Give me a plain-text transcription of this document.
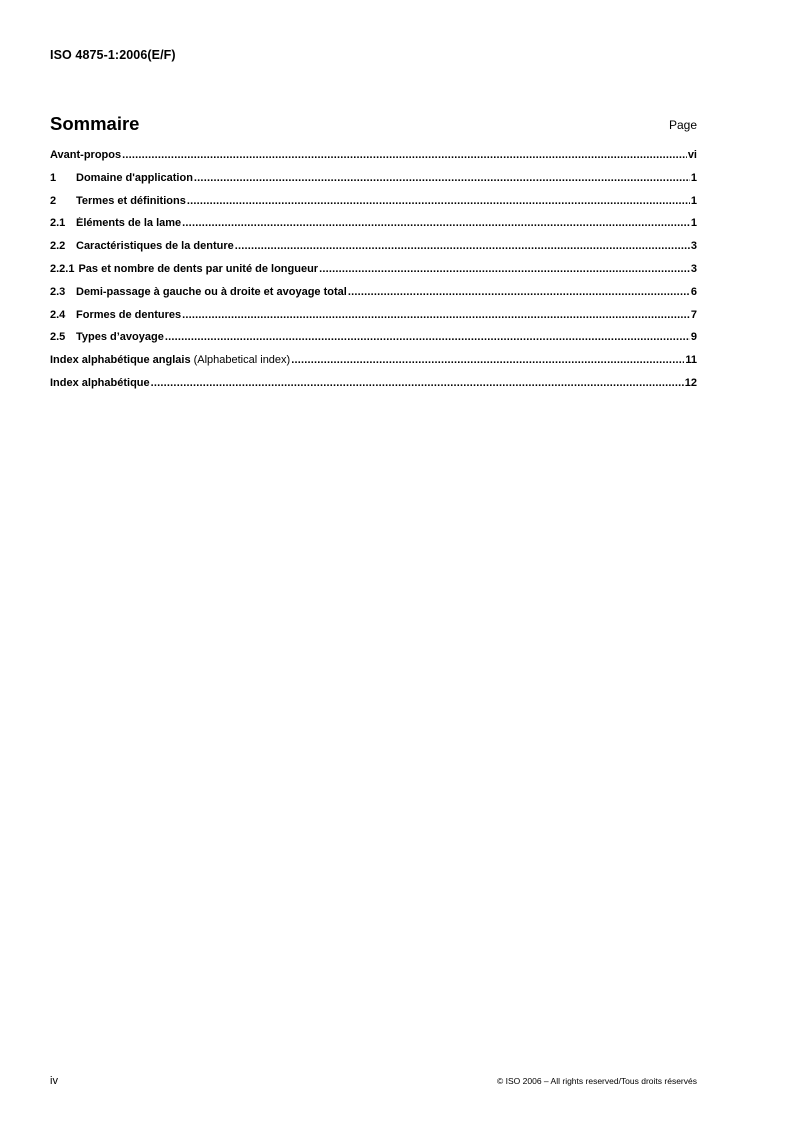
ISO 4875-1:2006(E/F)
Sommaire	Page
Avant-propos .....	vi
1	Domaine d'application .....	1
2	Termes et définitions .....	1
2.1 Éléments de la lame .....	1
2.2 Caractéristiques de la denture .....	3
2.2.1 Pas et nombre de dents par unité de longueur .....	3
2.3 Demi-passage à gauche ou à droite et avoyage total .....	6
2.4 Formes de dentures .....	7
2.5 Types d’avoyage .....	9
Index alphabétique anglais (Alphabetical index) .....	11
Index alphabétique .....	12
iv	© ISO 2006 – All rights reserved/Tous droits réservés
